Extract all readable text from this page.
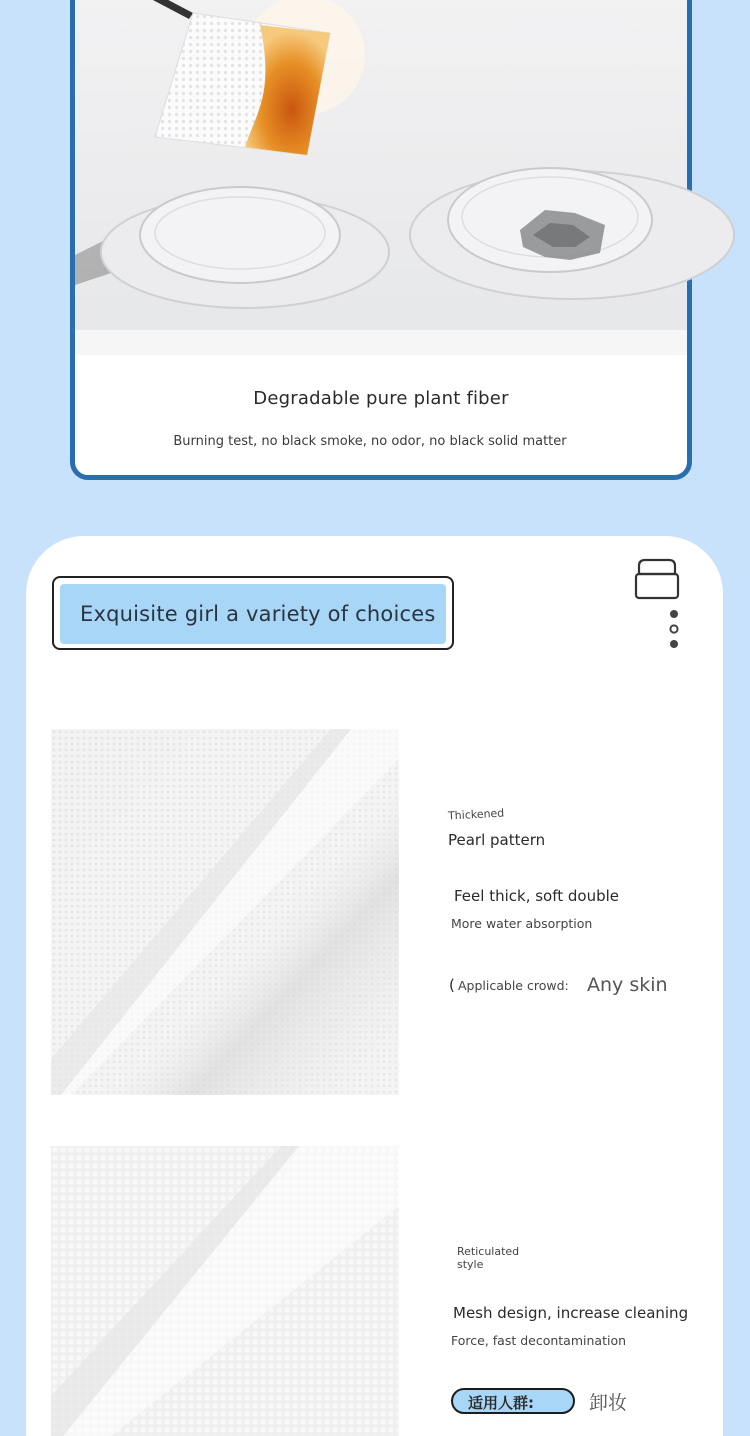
Degradable pure plant fiber
Burning test, no black smoke, no odor, no black solid matter
Exquisite girl a variety of choices
Thickened
Pearl pattern
Feel thick, soft double
More water absorption
( Applicable crowd: Any skin
Reticulated style
Mesh design, increase cleaning
Force, fast decontamination
适用人群:	卸妆
